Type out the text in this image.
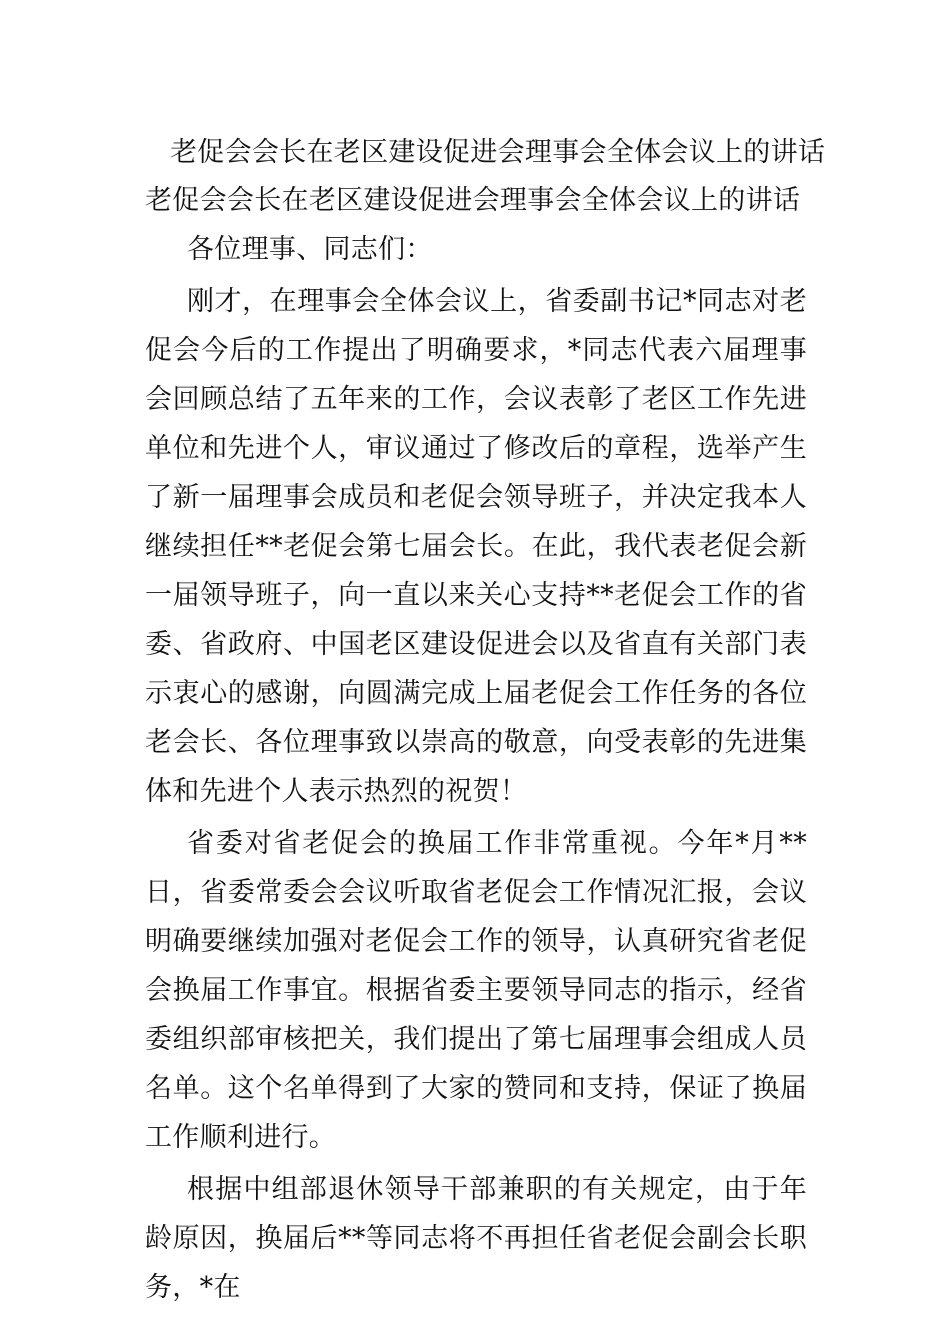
老促会会长在老区建设促进会理事会全体会议上的讲话
老促会会长在老区建设促进会理事会全体会议上的讲话

各位理事、同志们：

刚才，在理事会全体会议上，省委副书记*同志对老促会今后的工作提出了明确要求，*同志代表六届理事会回顾总结了五年来的工作，会议表彰了老区工作先进单位和先进个人，审议通过了修改后的章程，选举产生了新一届理事会成员和老促会领导班子，并决定我本人继续担任**老促会第七届会长。在此，我代表老促会新一届领导班子，向一直以来关心支持**老促会工作的省委、省政府、中国老区建设促进会以及省直有关部门表示衷心的感谢，向圆满完成上届老促会工作任务的各位老会长、各位理事致以崇高的敬意，向受表彰的先进集体和先进个人表示热烈的祝贺！

省委对省老促会的换届工作非常重视。今年*月**日，省委常委会会议听取省老促会工作情况汇报，会议明确要继续加强对老促会工作的领导，认真研究省老促会换届工作事宜。根据省委主要领导同志的指示，经省委组织部审核把关，我们提出了第七届理事会组成人员名单。这个名单得到了大家的赞同和支持，保证了换届工作顺利进行。

根据中组部退休领导干部兼职的有关规定，由于年龄原因，换届后**等同志将不再担任省老促会副会长职务，*在
